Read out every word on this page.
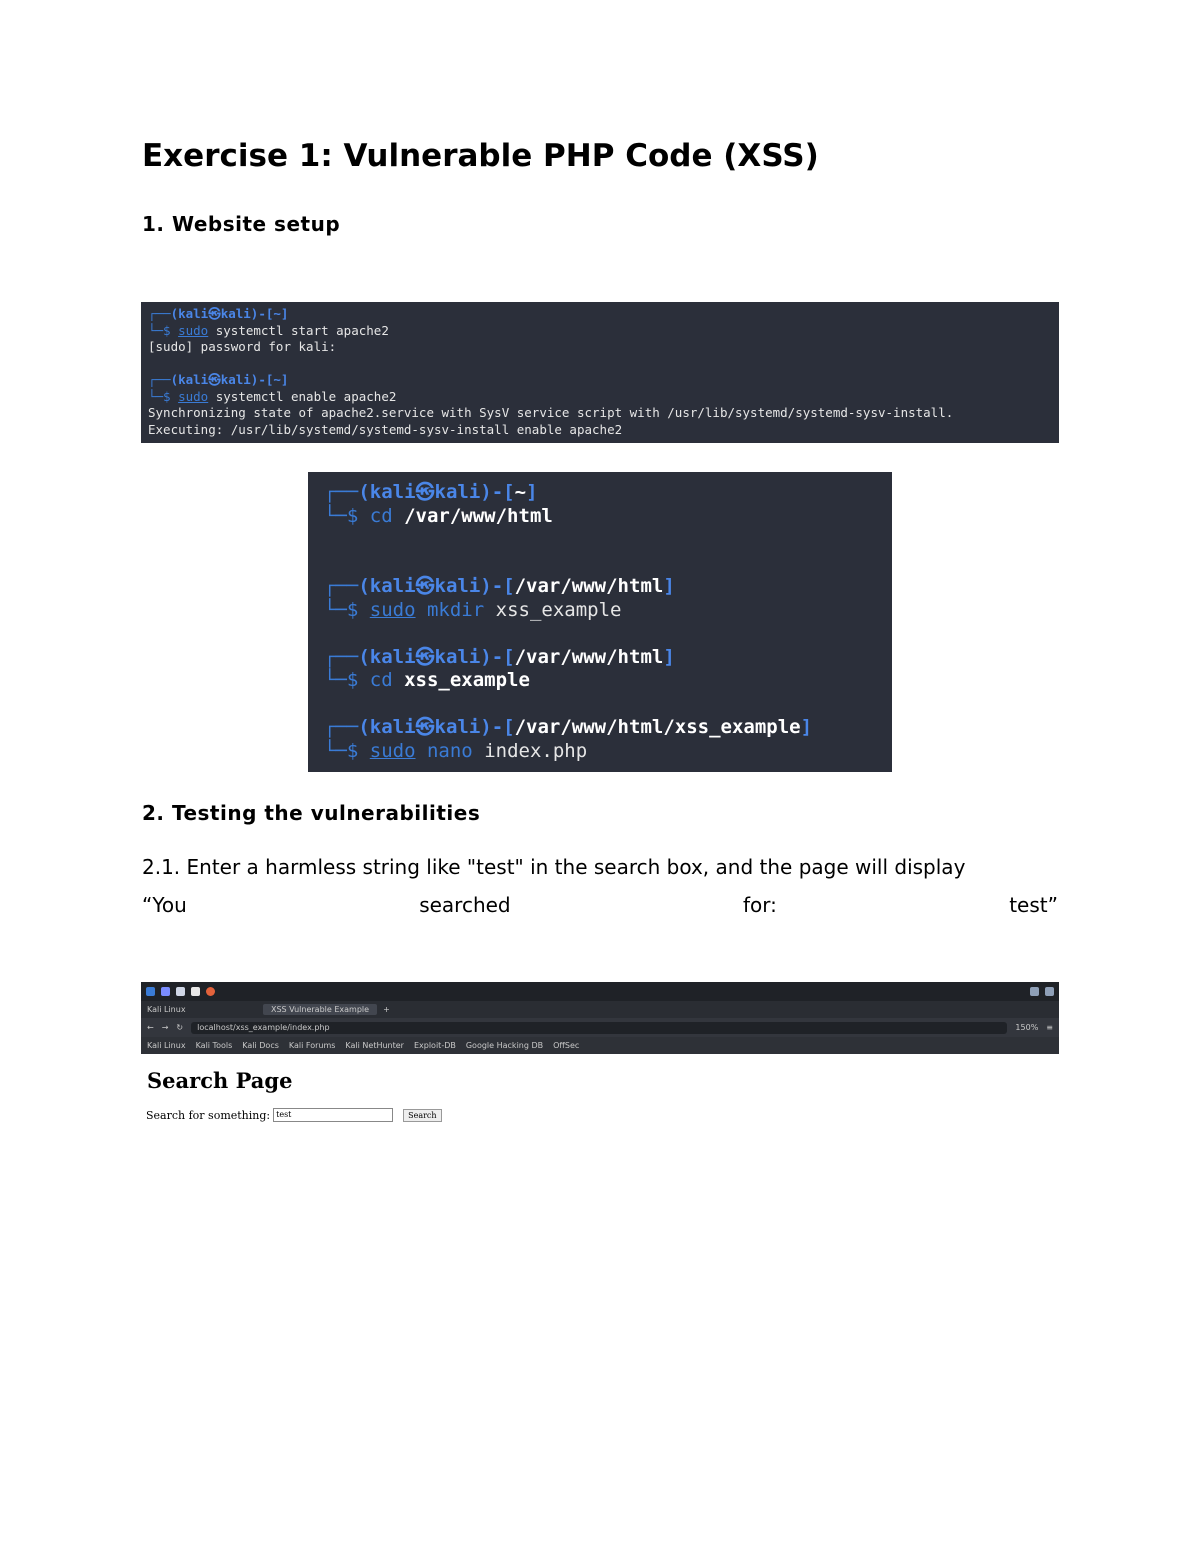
Exercise 1: Vulnerable PHP Code (XSS)
1. Website setup
┌──(kali㉿kali)-[~]
└─$ sudo systemctl start apache2
[sudo] password for kali:
┌──(kali㉿kali)-[~]
└─$ sudo systemctl enable apache2
Synchronizing state of apache2.service with SysV service script with /usr/lib/systemd/systemd-sysv-install.
Executing: /usr/lib/systemd/systemd-sysv-install enable apache2
┌──(kali㉿kali)-[~]
└─$ cd /var/www/html
┌──(kali㉿kali)-[/var/www/html]
└─$ sudo mkdir xss_example
┌──(kali㉿kali)-[/var/www/html]
└─$ cd xss_example
┌──(kali㉿kali)-[/var/www/html/xss_example]
└─$ sudo nano index.php
2. Testing the vulnerabilities
2.1. Enter a harmless string like "test" in the search box, and the page will display
“You	searched	for:	test”
Kali Linux	XSS Vulnerable Example	+
← → ↻	localhost/xss_example/index.php	150% ≡
Kali Linux Kali Tools Kali Docs Kali Forums Kali NetHunter Exploit-DB Google Hacking DB OffSec
Search Page
Search for something: test	Search
